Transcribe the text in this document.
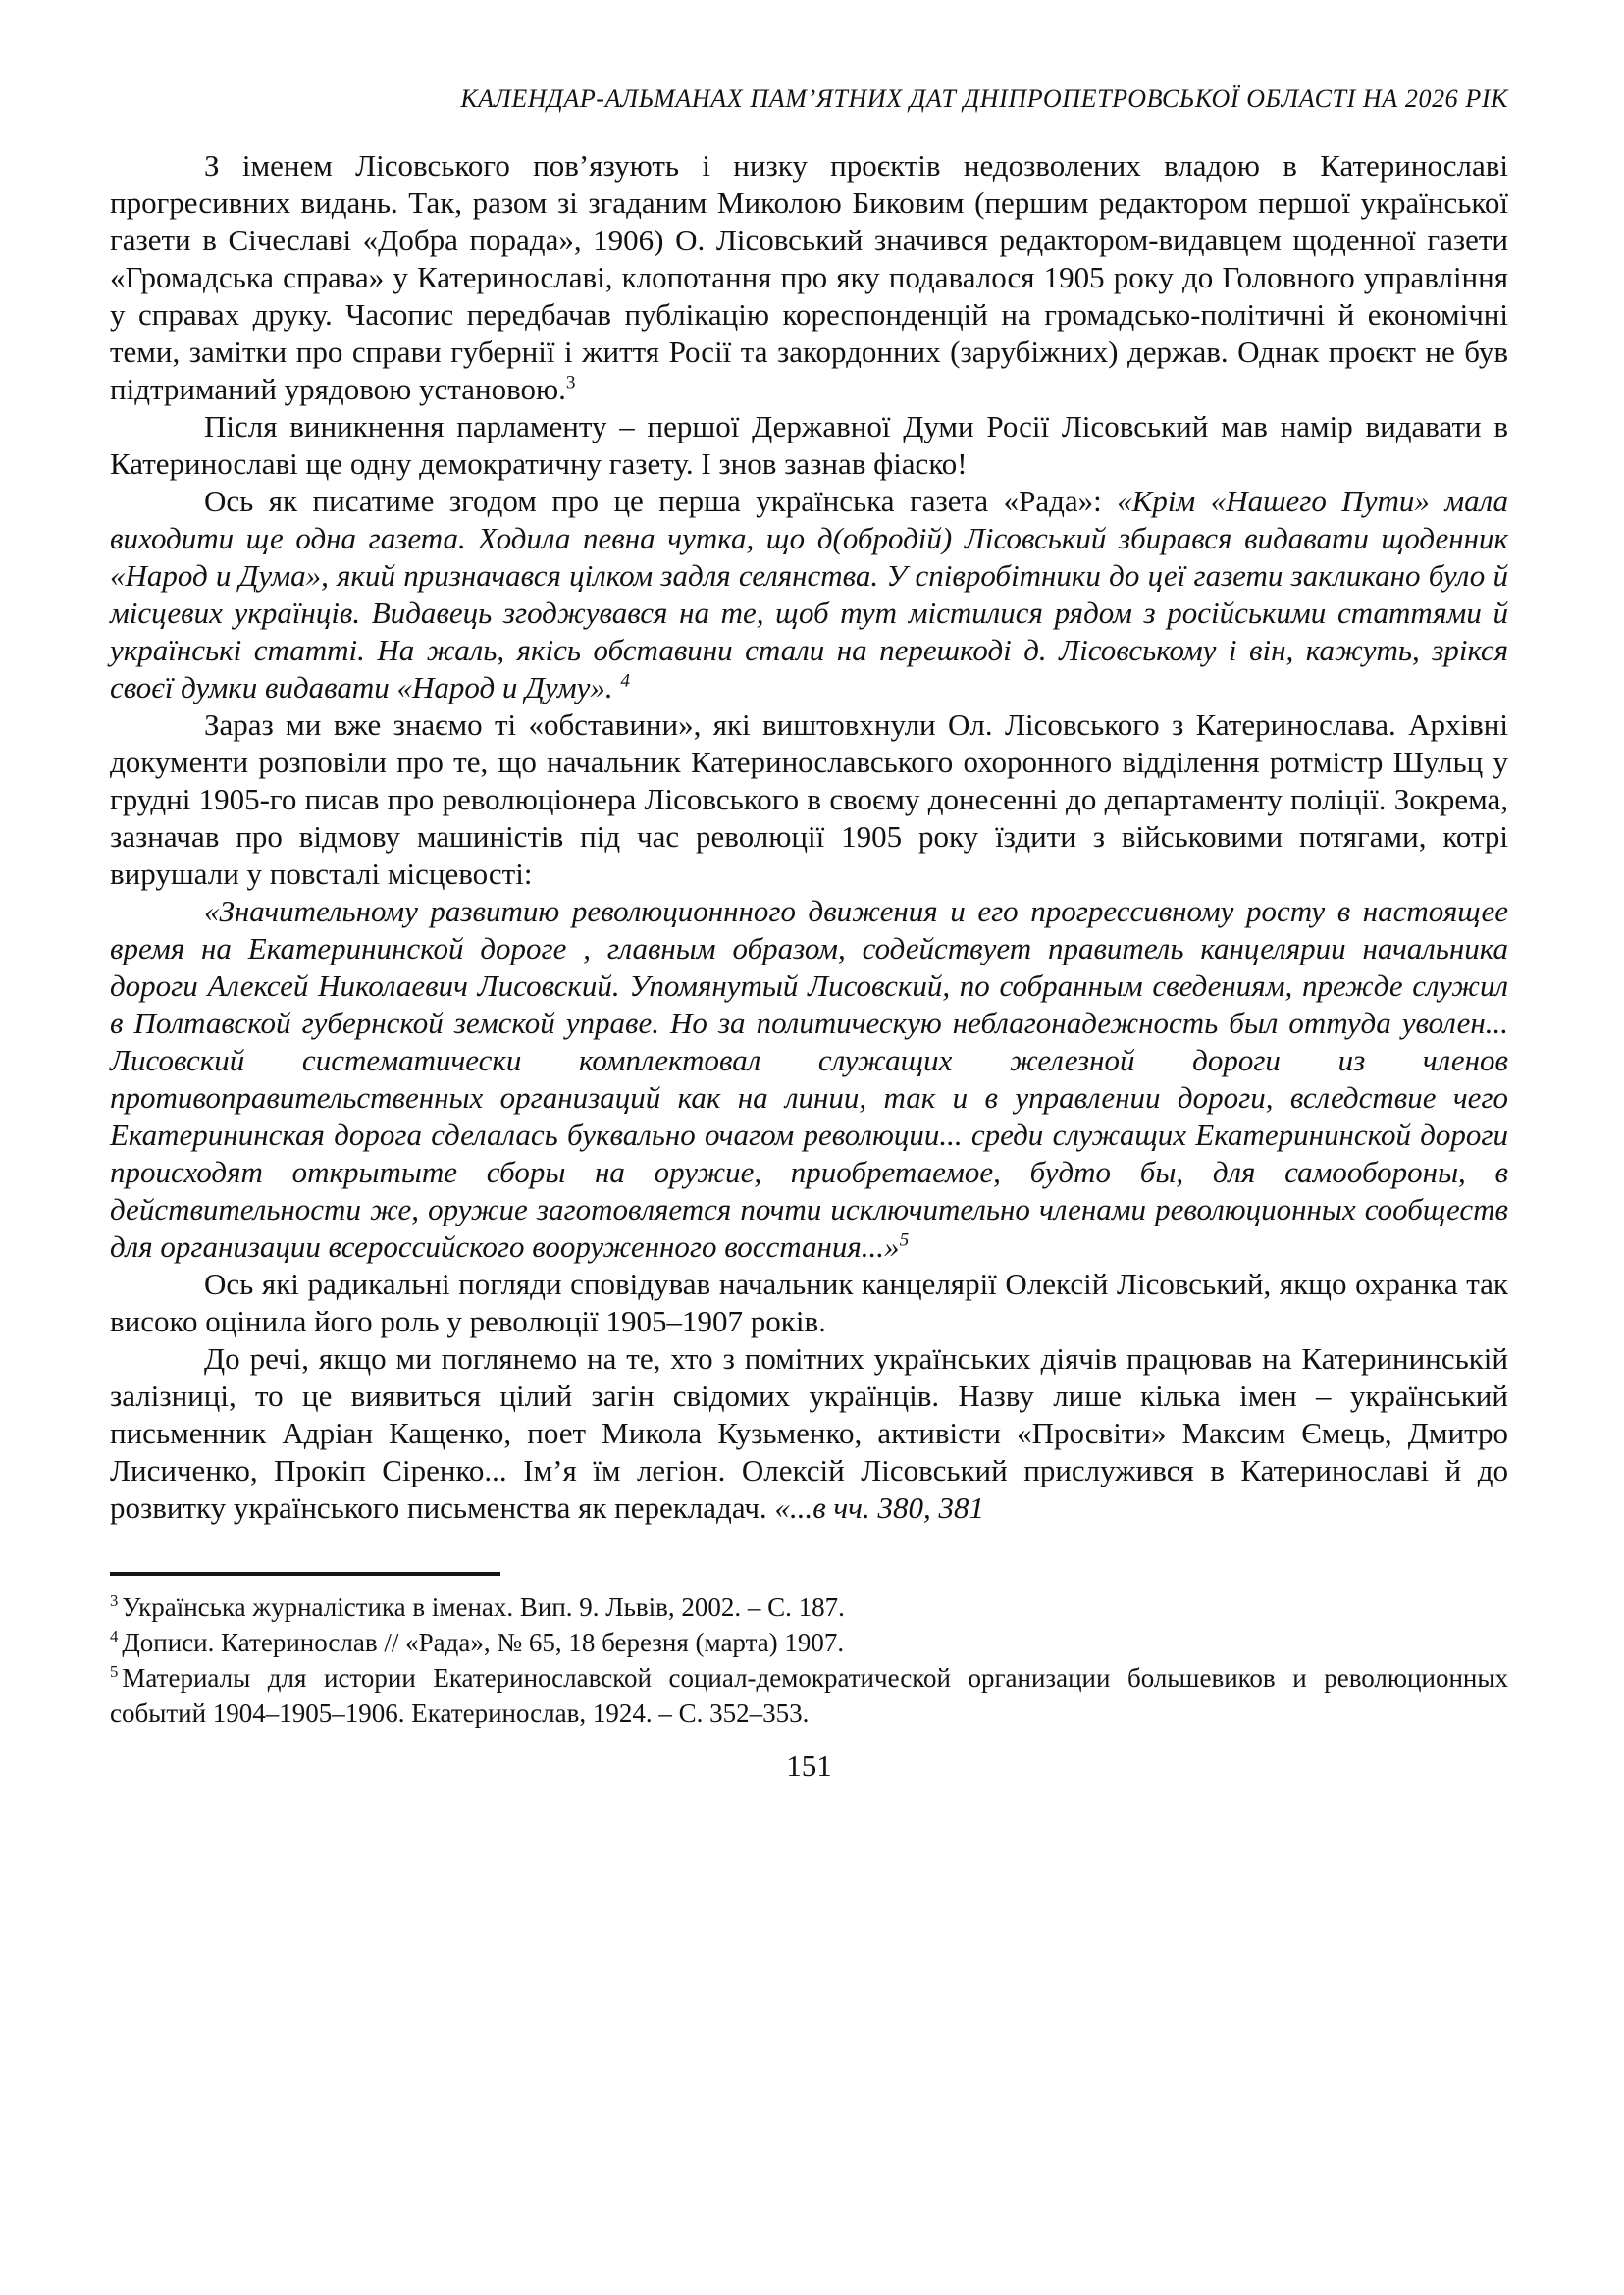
КАЛЕНДАР-АЛЬМАНАХ ПАМ’ЯТНИХ ДАТ ДНІПРОПЕТРОВСЬКОЇ ОБЛАСТІ НА 2026 РІК

З іменем Лісовського пов’язують і низку проєктів недозволених владою в Катеринославі прогресивних видань. Так, разом зі згаданим Миколою Биковим (першим редактором першої української газети в Січеславі «Добра порада», 1906) О. Лісовський значився редактором-видавцем щоденної газети «Громадська справа» у Катеринославі, клопотання про яку подавалося 1905 року до Головного управління у справах друку. Часопис передбачав публікацію кореспонденцій на громадсько-політичні й економічні теми, замітки про справи губернії і життя Росії та закордонних (зарубіжних) держав. Однак проєкт не був підтриманий урядовою установою.$^3$

Після виникнення парламенту – першої Державної Думи Росії Лісовський мав намір видавати в Катеринославі ще одну демократичну газету. І знов зазнав фіаско!

Ось як писатиме згодом про це перша українська газета «Рада»: «Крім «Нашего Пути» мала виходити ще одна газета. Ходила певна чутка, що д(обродій) Лісовський збирався видавати щоденник «Народ и Дума», який призначався цілком задля селянства. У співробітники до цеї газети закликано було й місцевих українців. Видавець згоджувався на те, щоб тут містилися рядом з російськими статтями й українські статті. На жаль, якісь обставини стали на перешкоді д. Лісовському і він, кажуть, зрікся своєї думки видавати «Народ и Думу». $^4$

Зараз ми вже знаємо ті «обставини», які виштовхнули Ол. Лісовського з Катеринослава. Архівні документи розповіли про те, що начальник Катеринославського охоронного відділення ротмістр Шульц у грудні 1905-го писав про революціонера Лісовського в своєму донесенні до департаменту поліції. Зокрема, зазначав про відмову машиністів під час революції 1905 року їздити з військовими потягами, котрі вирушали у повсталі місцевості:

«Значительному развитию революционнного движения и его прогрессивному росту в настоящее время на Екатерининской дороге , главным образом, содействует правитель канцелярии начальника дороги Алексей Николаевич Лисовский. Упомянутый Лисовский, по собранным сведениям, прежде служил в Полтавской губернской земской управе. Но за политическую неблагонадежность был оттуда уволен... Лисовский систематически комплектовал служащих железной дороги из членов противоправительственных организаций как на линии, так и в управлении дороги, вследствие чего Екатерининская дорога сделалась буквально очагом революции... среди служащих Екатерининской дороги происходят открытыте сборы на оружие, приобретаемое, будто бы, для самообороны, в действительности же, оружие заготовляется почти исключительно членами революционных сообществ для организации всероссийского вооруженного восстания...»$^5$

Ось які радикальні погляди сповідував начальник канцелярії Олексій Лісовський, якщо охранка так високо оцінила його роль у революції 1905–1907 років.

До речі, якщо ми поглянемо на те, хто з помітних українських діячів працював на Катерининській залізниці, то це виявиться цілий загін свідомих українців. Назву лише кілька імен – український письменник Адріан Кащенко, поет Микола Кузьменко, активісти «Просвіти» Максим Ємець, Дмитро Лисиченко, Прокіп Сіренко... Ім’я їм легіон. Олексій Лісовський прислужився в Катеринославі й до розвитку українського письменства як перекладач. «...в чч. 380, 381

$^3$ Українська журналістика в іменах. Вип. 9. Львів, 2002. – С. 187.

$^4$ Дописи. Катеринослав // «Рада», № 65, 18 березня (марта) 1907.

$^5$ Материалы для истории Екатеринославской социал-демократической организации большевиков и революционных событий 1904–1905–1906. Екатеринослав, 1924. – С. 352–353.

151
